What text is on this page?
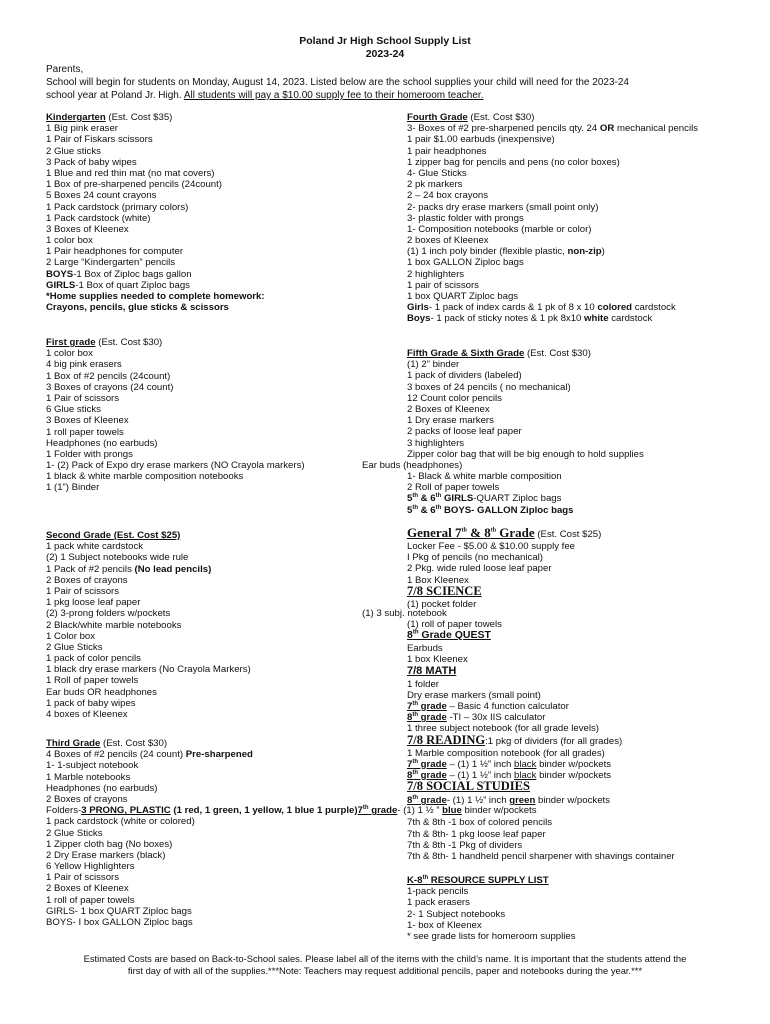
Poland Jr High School Supply List
2023-24
Parents,
School will begin for students on Monday, August 14, 2023. Listed below are the school supplies your child will need for the 2023-24
school year at Poland Jr. High. All students will pay a $10.00 supply fee to their homeroom teacher.
Kindergarten (Est. Cost $35)
1 Big pink eraser
1 Pair of Fiskars scissors
2 Glue sticks
3 Pack of baby wipes
1 Blue and red thin mat (no mat covers)
1 Box of pre-sharpened pencils (24count)
5 Boxes 24 count crayons
1 Pack cardstock (primary colors)
1 Pack cardstock (white)
3 Boxes of Kleenex
1 color box
1 Pair headphones for computer
2 Large “Kindergarten” pencils
BOYS-1 Box of Ziploc bags gallon
GIRLS-1 Box of quart Ziploc bags
*Home supplies needed to complete homework:
Crayons, pencils, glue sticks & scissors
Fourth Grade (Est. Cost $30)
3- Boxes of #2 pre-sharpened pencils qty. 24 OR mechanical pencils
1 pair $1.00 earbuds (inexpensive)
1 pair headphones
1 zipper bag for pencils and pens (no color boxes)
4- Glue Sticks
2 pk markers
2 – 24 box crayons
2- packs dry erase markers (small point only)
3- plastic folder with prongs
1- Composition notebooks (marble or color)
2 boxes of Kleenex
(1) 1 inch poly binder (flexible plastic, non-zip)
1 box GALLON Ziploc bags
2 highlighters
1 pair of scissors
1 box QUART Ziploc bags
Girls- 1 pack of index cards & 1 pk of 8 x 10 colored cardstock
Boys- 1 pack of sticky notes & 1 pk 8x10 white cardstock
First grade (Est. Cost $30)
1 color box
4 big pink erasers
1 Box of #2 pencils (24count)
3 Boxes of crayons (24 count)
1 Pair of scissors
6 Glue sticks
3 Boxes of Kleenex
1 roll paper towels
Headphones (no earbuds)
1 Folder with prongs
1- (2) Pack of Expo dry erase markers (NO Crayola markers)
1 black & white marble composition notebooks
1 (1”) Binder
Fifth Grade & Sixth Grade (Est. Cost $30)
(1) 2” binder
1 pack of dividers (labeled)
3 boxes of 24 pencils ( no mechanical)
12 Count color pencils
2 Boxes of Kleenex
1 Dry erase markers
2 packs of loose leaf paper
3 highlighters
Zipper color bag that will be big enough to hold supplies
Ear buds (headphones)
1- Black & white marble composition
2 Roll of paper towels
5th & 6th GIRLS-QUART Ziploc bags
5th & 6th BOYS- GALLON Ziploc bags
Second Grade (Est. Cost $25)
1 pack white cardstock
(2) 1 Subject notebooks wide rule
1 Pack of #2 pencils (No lead pencils)
2 Boxes of crayons
1 Pair of scissors
1 pkg loose leaf paper
(2) 3-prong folders w/pockets
2 Black/white marble notebooks
1 Color box
2 Glue Sticks
1 pack of color pencils
1 black dry erase markers (No Crayola Markers)
1 Roll of paper towels
Ear buds OR headphones
1 pack of baby wipes
4 boxes of Kleenex
General 7th & 8th Grade (Est. Cost $25)
Locker Fee - $5.00 & $10.00 supply fee
I Pkg of pencils (no mechanical)
2 Pkg. wide ruled loose leaf paper
1 Box Kleenex
7/8 SCIENCE
(1) pocket folder
(1) 3 subj. notebook
(1) roll of paper towels
8th Grade QUEST
Earbuds
1 box Kleenex
7/8 MATH
1 folder
Dry erase markers (small point)
7th grade – Basic 4 function calculator
8th grade -TI – 30x IIS calculator
1 three subject notebook (for all grade levels)
7/8 READING:1 pkg of dividers (for all grades)
1 Marble composition notebook (for all grades)
7th grade – (1) 1 ½” inch black binder w/pockets
8th grade – (1) 1 ½” inch black binder w/pockets
7/8 SOCIAL STUDIES
8th grade- (1) 1 ½” inch green binder w/pockets

7th & 8th -1 box of colored pencils
7th & 8th- 1 pkg loose leaf paper
7th & 8th -1 Pkg of dividers
7th & 8th- 1 handheld pencil sharpener with shavings container
Third Grade (Est. Cost $30)
4 Boxes of #2 pencils (24 count) Pre-sharpened
1- 1-subject notebook
1 Marble notebooks
Headphones (no earbuds)
2 Boxes of crayons
Folders-3 PRONG, PLASTIC (1 red, 1 green, 1 yellow, 1 blue 1 purple)7th grade- (1) 1 ½ ” blue binder w/pockets
1 pack cardstock (white or colored)
2 Glue Sticks
1 Zipper cloth bag (No boxes)
2 Dry Erase markers (black)
6 Yellow Highlighters
1 Pair of scissors
2 Boxes of Kleenex
1 roll of paper towels
GIRLS- 1 box QUART Ziploc bags
BOYS- I box GALLON Ziploc bags
K-8th RESOURCE SUPPLY LIST
1-pack pencils
1 pack erasers
2- 1 Subject notebooks
1- box of Kleenex
* see grade lists for homeroom supplies
Estimated Costs are based on Back-to-School sales. Please label all of the items with the child’s name. It is important that the students attend the
first day of with all of the supplies.***Note: Teachers may request additional pencils, paper and notebooks during the year.***
